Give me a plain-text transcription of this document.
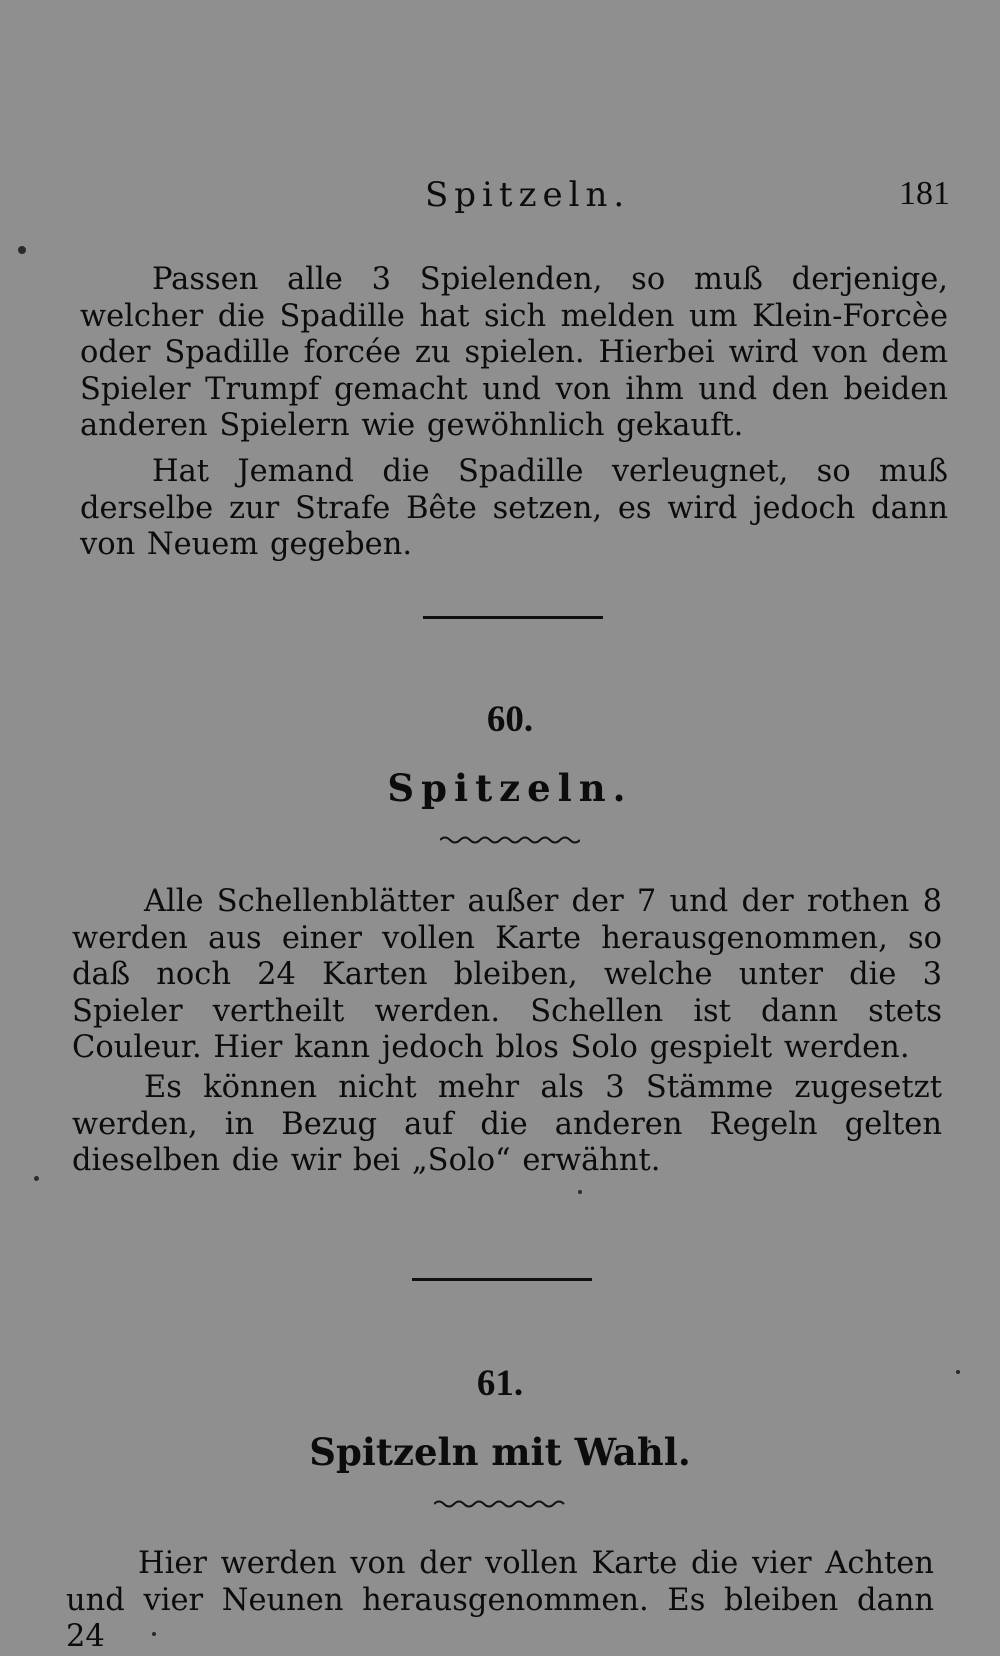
Spitzeln.	181

Passen alle 3 Spielenden, so muß derjenige, welcher die Spadille hat sich melden um Klein-Forcèe oder Spadille forcée zu spielen. Hierbei wird von dem Spieler Trumpf gemacht und von ihm und den beiden anderen Spielern wie gewöhnlich gekauft.

Hat Jemand die Spadille verleugnet, so muß derselbe zur Strafe Bête setzen, es wird jedoch dann von Neuem gegeben.

60.
Spitzeln.

Alle Schellenblätter außer der 7 und der rothen 8 werden aus einer vollen Karte herausgenommen, so daß noch 24 Karten bleiben, welche unter die 3 Spieler vertheilt werden. Schellen ist dann stets Couleur. Hier kann jedoch blos Solo gespielt werden.

Es können nicht mehr als 3 Stämme zugesetzt werden, in Bezug auf die anderen Regeln gelten dieselben die wir bei „Solo“ erwähnt.

61.
Spitzeln mit Wahl.

Hier werden von der vollen Karte die vier Achten und vier Neunen herausgenommen. Es bleiben dann 24
